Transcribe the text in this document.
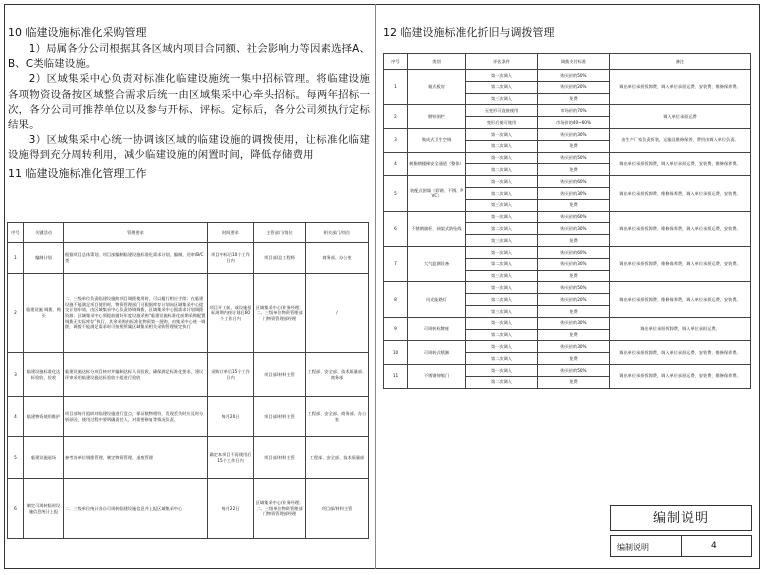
10 临建设施标准化采购管理

1）局属各分公司根据其各区域内项目合同额、社会影响力等因素选择A、B、C类临建设施。

2）区域集采中心负责对标准化临建设施统一集中招标管理。将临建设施各项物资设备按区域整合需求后统一由区域集采中心牵头招标。每两年招标一次，各分公司可推荐单位以及参与开标、评标。定标后，各分公司须执行定标结果。

3）区域集采中心统一协调该区域的临建设施的调拨使用，让标准化临建设施得到充分周转利用，减少临建设施的闲置时间，降低存储费用

11 临建设施标准化管理工作
序号	关键活动	管理要求	时间要求	主管部门/岗位	相关部门/岗位
1	编制计划	根据项目总体策划，项目部编制临建设施标准化需求计划，编制，送审/B/C类	项目中标后10个工作日内	项目部/总工程师	商务部、办公室
2	临建设施 调拨、购买	二、三级单位负责临建设施跨项目调拨使用时，可以履行相应手续；在临建设施不能满足项目使用时，物资管理部门可根据库存计划向区域集采中心提交计划申请，由区域集采中心负责协调调拨，区域集采中心据需求计划调拨资源；区域集采中心须提前做好年度设施采购“临建设施标准化前期采购配置调拨无实际库存”执行，其余采购由标准化物资第一批购，由集采中心统一调拨，调拨不能满足需求时可按照所属区域集采相关采购管理规定执行	项目开工前，或设施招标周期内按计划后60个工作日内	区域集采中心/业务经理；二、三级单位物资管理部门物资管理部经理	/
3	临建设施标准化达标验收、验收	临建设施达标分项目核对并编制达标人员验收，确保满足标准化要求，建议评审采用临建设施达标验收小组进行验收	采购订单后15个工作日内	项目部/材料主管	工程部、安全部、技术质量部、商务部
4	临建物资使用维护	项目部每月组织对临建设施进行盘点，保证数物相符，发现丢失时应及时分析原因，使用过程中要明确责任人，对需要修复等情况负责。	每月20日	项目部/材料主管	工程部、安全部、商务部、办公室
5	临建设施退场	参考各单位调拨管理、制定物资管理、退废管理	确定本项目不再使用后15个工作日内	项目部/材料主管	工程部、安全部、技术质量部
6	制定可周转临时设施信息统计上报	二、三级单位统计各自可周转临建设施信息并上报区域集采中心	每月22日	区域集采中心/业务经理；二、三级单位物资管理部门物资管理部经理	项目部/材料主管
12 临建设施标准化折旧与调拨管理
序号	类别	评估条件	调拨支付标准	备注
1	箱式板房	第一次调入	购买价的50%	调出单位承担拆卸费，调入单位承担运费、安装费、维修保养费。
		第二次调入	购买价的20%	
		第三次调入	免费	
2	镀锌围栏	无变形可直接使用	市场价的70%	调入单位承担运费
		变形后使可使用	市场价的40~60%	
3	集成式卫生空调	第一次调入	购买价的30%	由生产厂家负责拆装，运输及维修保养，费用由调入单位负责。
		第二次调入	免费	
4	树脂钢楼梯安全通道（整体）	第一次调入	购买价的50%	调出单位承担拆卸费，调入单位承担运费、安装费、维修保养费。
		第二次调入	免费	
5	装配式围墙（彩钢、不锈、PVC）	第一次调入	购买价的60%	调出单位承担拆卸费、维修保养费，调入单位承担运费、安装费。
		第二次调入	购买价的30%	
		第三次调入	免费	
6	不锈钢旗杆、网架式防坠线	第一次调入	购买价的60%	调出单位承担拆卸费、维修保养费，调入单位承担运费、安装费。
		第二次调入	购买价的30%	
		第三次调入	免费	
7	大气监测设备	第一次调入	购买价的60%	调出单位承担拆卸费、维修保养费，调入单位承担运费、安装费。
		第二次调入	购买价的30%	
		第三次调入	免费	
8	风光能路灯	第一次调入	购买价的50%	调出单位承担拆卸费、维修保养费，调入单位承担运费、安装费。
		第二次调入	购买价的20%	
		第三次调入	免费	
9	可周转标牌座	第一次调入	购买价的30%	调出单位承担拆卸费，调入单位承担运费。
		第二次调入	免费	
10	可周转式喷淋	第一次调入	购买价的30%	调出单位承担拆卸费，调入单位承担运费、安装费、维修保养费。
		第二次调入	免费	
11	不锈钢伸缩门	第一次调入	购买价的50%	调出单位承担拆卸费，调入单位承担运费、安装费、维修保养费。
		第二次调入	免费	
编制说明
编制说明	4
